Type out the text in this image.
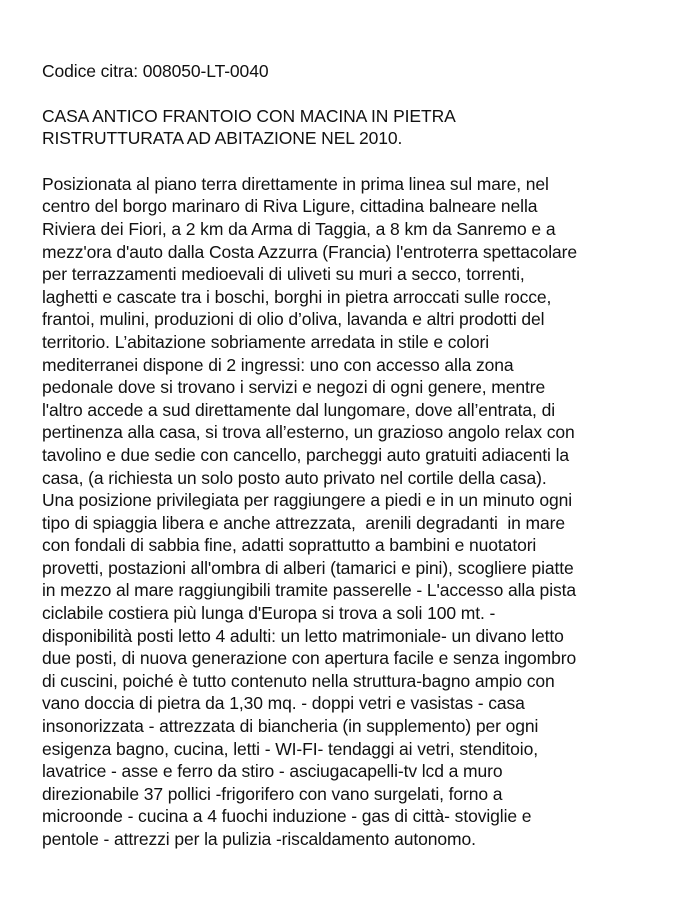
Codice citra: 008050-LT-0040

CASA ANTICO FRANTOIO CON MACINA IN PIETRA

RISTRUTTURATA AD ABITAZIONE NEL 2010.

Posizionata al piano terra direttamente in prima linea sul mare, nel

centro del borgo marinaro di Riva Ligure, cittadina balneare nella

Riviera dei Fiori, a 2 km da Arma di Taggia, a 8 km da Sanremo e a

mezz'ora d'auto dalla Costa Azzurra (Francia) l'entroterra spettacolare

per terrazzamenti medioevali di uliveti su muri a secco, torrenti,

laghetti e cascate tra i boschi, borghi in pietra arroccati sulle rocce,

frantoi, mulini, produzioni di olio d’oliva, lavanda e altri prodotti del

territorio. L’abitazione sobriamente arredata in stile e colori

mediterranei dispone di 2 ingressi: uno con accesso alla zona

pedonale dove si trovano i servizi e negozi di ogni genere, mentre

l'altro accede a sud direttamente dal lungomare, dove all’entrata, di

pertinenza alla casa, si trova all’esterno, un grazioso angolo relax con

tavolino e due sedie con cancello, parcheggi auto gratuiti adiacenti la

casa, (a richiesta un solo posto auto privato nel cortile della casa).

Una posizione privilegiata per raggiungere a piedi e in un minuto ogni

tipo di spiaggia libera e anche attrezzata,  arenili degradanti  in mare

con fondali di sabbia fine, adatti soprattutto a bambini e nuotatori

provetti, postazioni all'ombra di alberi (tamarici e pini), scogliere piatte

in mezzo al mare raggiungibili tramite passerelle - L'accesso alla pista

ciclabile costiera più lunga d'Europa si trova a soli 100 mt. -

disponibilità posti letto 4 adulti: un letto matrimoniale- un divano letto

due posti, di nuova generazione con apertura facile e senza ingombro

di cuscini, poiché è tutto contenuto nella struttura-bagno ampio con

vano doccia di pietra da 1,30 mq. - doppi vetri e vasistas - casa

insonorizzata - attrezzata di biancheria (in supplemento) per ogni

esigenza bagno, cucina, letti - WI-FI- tendaggi ai vetri, stenditoio,

lavatrice - asse e ferro da stiro - asciugacapelli-tv lcd a muro

direzionabile 37 pollici -frigorifero con vano surgelati, forno a

microonde - cucina a 4 fuochi induzione - gas di città- stoviglie e

pentole - attrezzi per la pulizia -riscaldamento autonomo.
